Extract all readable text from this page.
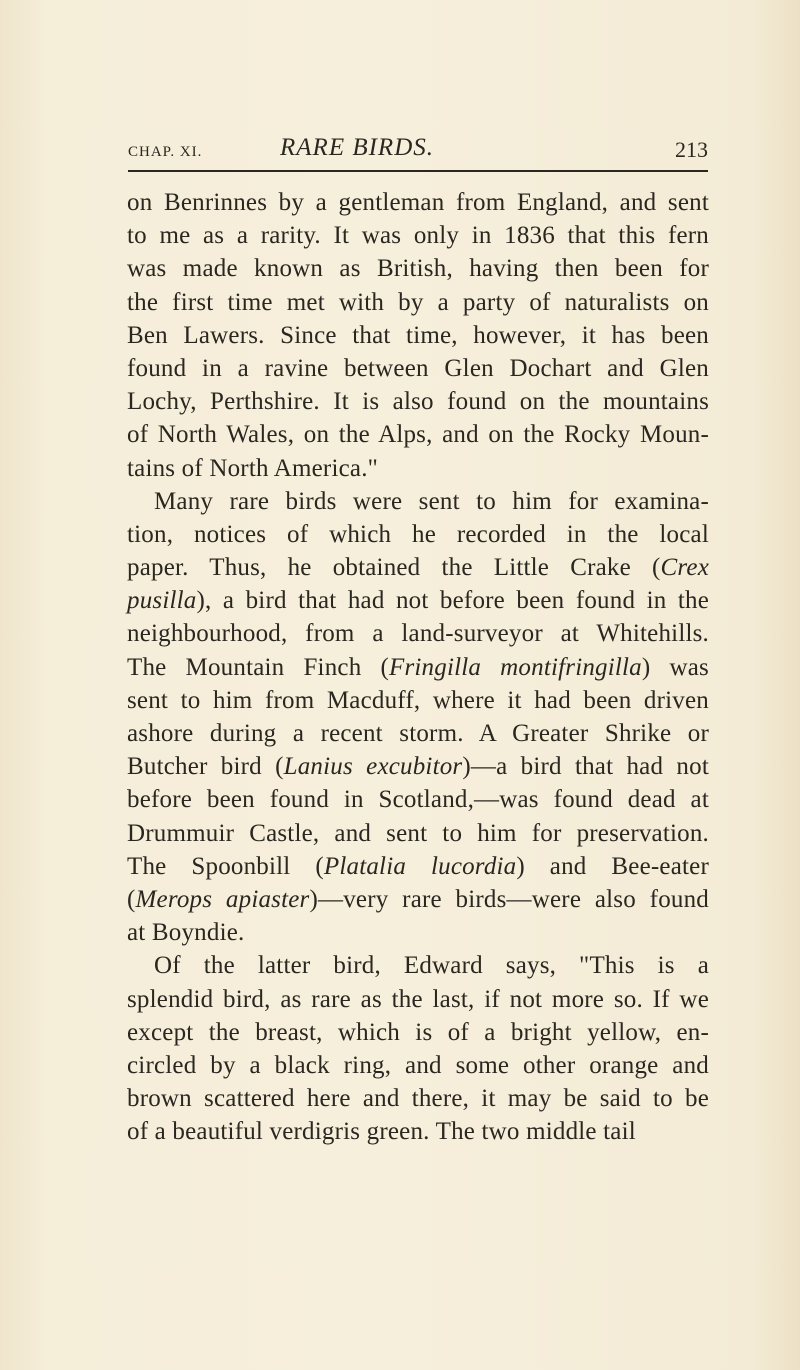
CHAP. XI.	RARE BIRDS.	213
on Benrinnes by a gentleman from England, and sent
to me as a rarity. It was only in 1836 that this fern
was made known as British, having then been for
the first time met with by a party of naturalists on
Ben Lawers. Since that time, however, it has been
found in a ravine between Glen Dochart and Glen
Lochy, Perthshire. It is also found on the mountains
of North Wales, on the Alps, and on the Rocky Moun-
tains of North America."
Many rare birds were sent to him for examina-
tion, notices of which he recorded in the local
paper. Thus, he obtained the Little Crake (Crex
pusilla), a bird that had not before been found in the
neighbourhood, from a land-surveyor at Whitehills.
The Mountain Finch (Fringilla montifringilla) was
sent to him from Macduff, where it had been driven
ashore during a recent storm. A Greater Shrike or
Butcher bird (Lanius excubitor)—a bird that had not
before been found in Scotland,—was found dead at
Drummuir Castle, and sent to him for preservation.
The Spoonbill (Platalia lucordia) and Bee-eater
(Merops apiaster)—very rare birds—were also found
at Boyndie.
Of the latter bird, Edward says, "This is a
splendid bird, as rare as the last, if not more so. If we
except the breast, which is of a bright yellow, en-
circled by a black ring, and some other orange and
brown scattered here and there, it may be said to be
of a beautiful verdigris green. The two middle tail
